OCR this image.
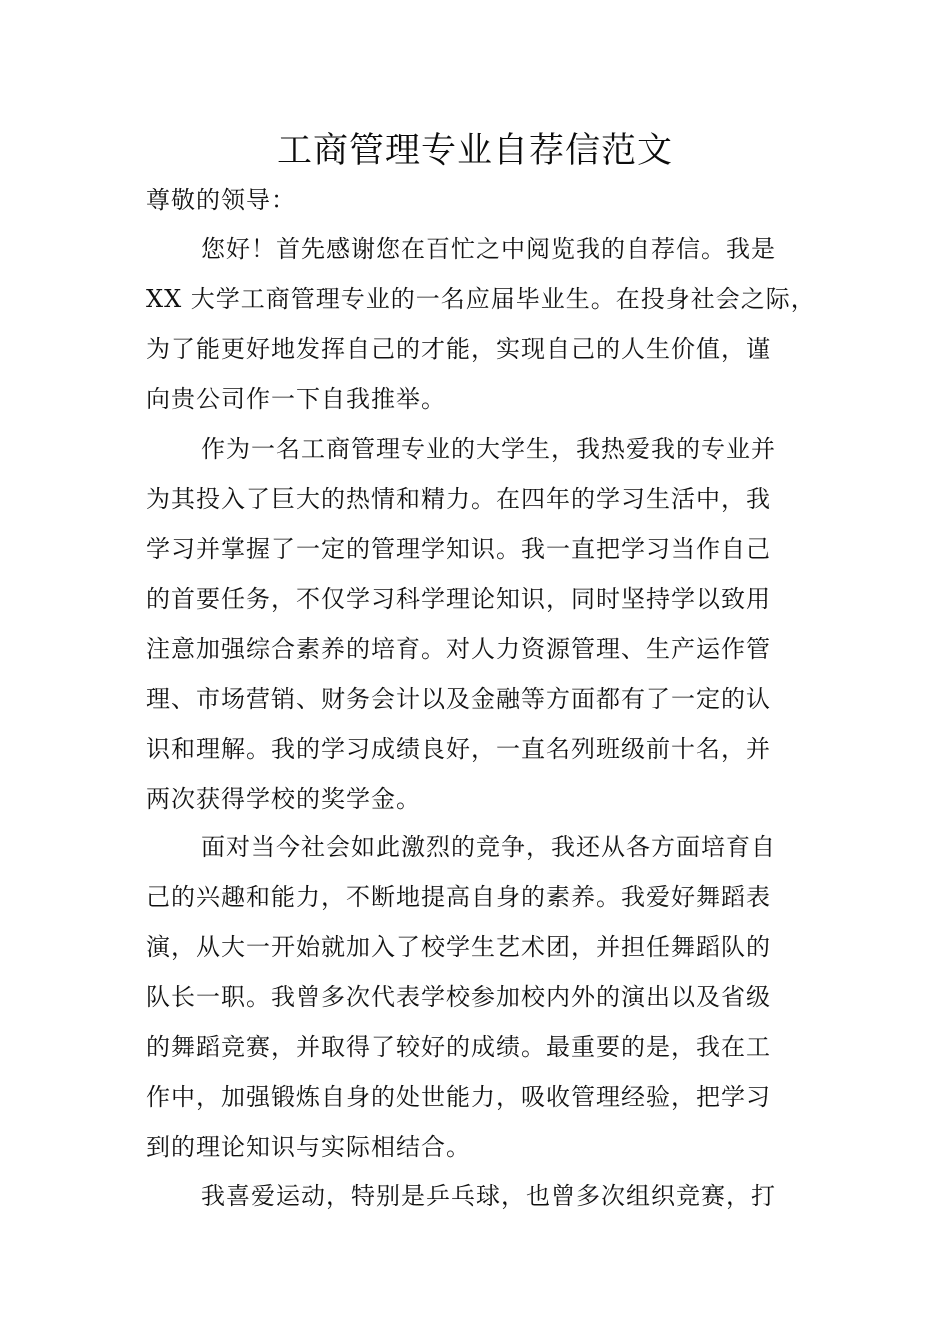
工商管理专业自荐信范文
尊敬的领导：
您好！首先感谢您在百忙之中阅览我的自荐信。我是
XX 大学工商管理专业的一名应届毕业生。在投身社会之际，
为了能更好地发挥自己的才能，实现自己的人生价值，谨
向贵公司作一下自我推举。
作为一名工商管理专业的大学生，我热爱我的专业并
为其投入了巨大的热情和精力。在四年的学习生活中，我
学习并掌握了一定的管理学知识。我一直把学习当作自己
的首要任务，不仅学习科学理论知识，同时坚持学以致用
注意加强综合素养的培育。对人力资源管理、生产运作管
理、市场营销、财务会计以及金融等方面都有了一定的认
识和理解。我的学习成绩良好，一直名列班级前十名，并
两次获得学校的奖学金。
面对当今社会如此激烈的竞争，我还从各方面培育自
己的兴趣和能力，不断地提高自身的素养。我爱好舞蹈表
演，从大一开始就加入了校学生艺术团，并担任舞蹈队的
队长一职。我曾多次代表学校参加校内外的演出以及省级
的舞蹈竞赛，并取得了较好的成绩。最重要的是，我在工
作中，加强锻炼自身的处世能力，吸收管理经验，把学习
到的理论知识与实际相结合。
我喜爱运动，特别是乒乓球，也曾多次组织竞赛，打
